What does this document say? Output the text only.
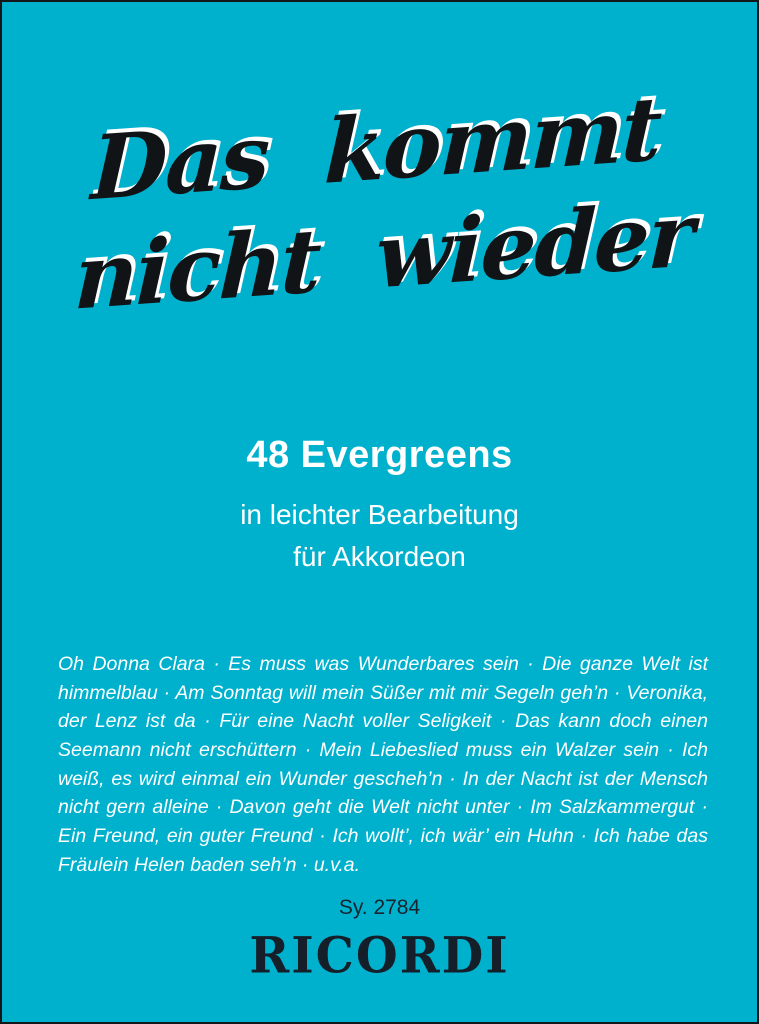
Das kommt
nicht wieder
48 Evergreens
in leichter Bearbeitung
für Akkordeon
Oh Donna Clara · Es muss was Wunderbares sein · Die ganze Welt ist himmelblau · Am Sonntag will mein Süßer mit mir Segeln geh’n · Veronika, der Lenz ist da · Für eine Nacht voller Seligkeit · Das kann doch einen Seemann nicht erschüttern · Mein Liebeslied muss ein Walzer sein · Ich weiß, es wird einmal ein Wunder gescheh’n · In der Nacht ist der Mensch nicht gern alleine · Davon geht die Welt nicht unter · Im Salzkammergut · Ein Freund, ein guter Freund · Ich wollt’, ich wär’ ein Huhn · Ich habe das Fräulein Helen baden seh’n · u.v.a.
Sy. 2784
RICORDI
